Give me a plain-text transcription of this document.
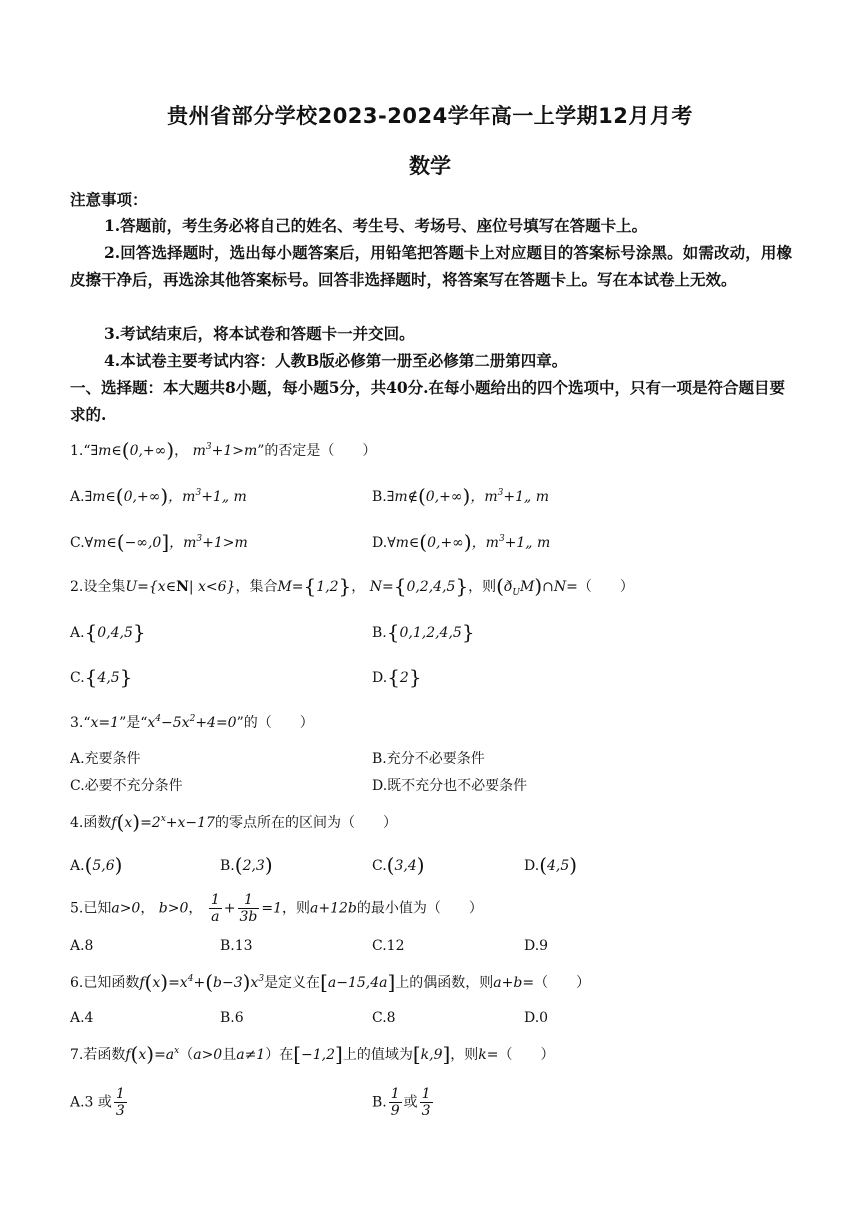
贵州省部分学校2023-2024学年高一上学期12月月考
数学
注意事项：
1.答题前，考生务必将自己的姓名、考生号、考场号、座位号填写在答题卡上。
2.回答选择题时，选出每小题答案后，用铅笔把答题卡上对应题目的答案标号涂黑。如需改动，用橡皮擦干净后，再选涂其他答案标号。回答非选择题时，将答案写在答题卡上。写在本试卷上无效。
3.考试结束后，将本试卷和答题卡一并交回。
4.本试卷主要考试内容：人教B版必修第一册至必修第二册第四章。
一、选择题：本大题共8小题，每小题5分，共40分.在每小题给出的四个选项中，只有一项是符合题目要求的.
1.“∃m∈(0,+∞)， $m^3+1>m$”的否定是（　　）
A.∃m∈(0,+∞)，$m^3+1„$ m	B.∃m∉(0,+∞)，$m^3+1„$ m
C.∀m∈(−∞,0]，$m^3+1>m$	D.∀m∈(0,+∞)，$m^3+1„$ m
2.设全集U={x∈N| x<6}，集合M={1,2}， N={0,2,4,5}，则$(ð_UM)\cap N=$（　　）
A.{0,4,5}	B.{0,1,2,4,5}
C.{4,5}	D.{2}
3.“x=1”是“$x^4-5x^2+4=0$”的（　　）
A.充要条件	B.充分不必要条件
C.必要不充分条件	D.既不充分也不必要条件
4.函数$f(x)=2^x+x-17$的零点所在的区间为（　　）
A.(5,6)	B.(2,3)	C.(3,4)	D.(4,5)
5.已知a>0， b>0， $\frac{1}{a} + \frac{1}{3b} =1$，则a+12b的最小值为（　　）
A.8	B.13	C.12	D.9
6.已知函数$f(x)=x^4+(b-3)x^3$是定义在[a−15,4a]上的偶函数，则a+b=（　　）
A.4	B.6	C.8	D.0
7.若函数$f(x)=a^x(a>0$且a≠1）在[−1,2]上的值域为[k,9]，则k=（　　）
A.3 或 $\frac{1}{3}$	B. $\frac{1}{9}$ 或 $\frac{1}{3}$
